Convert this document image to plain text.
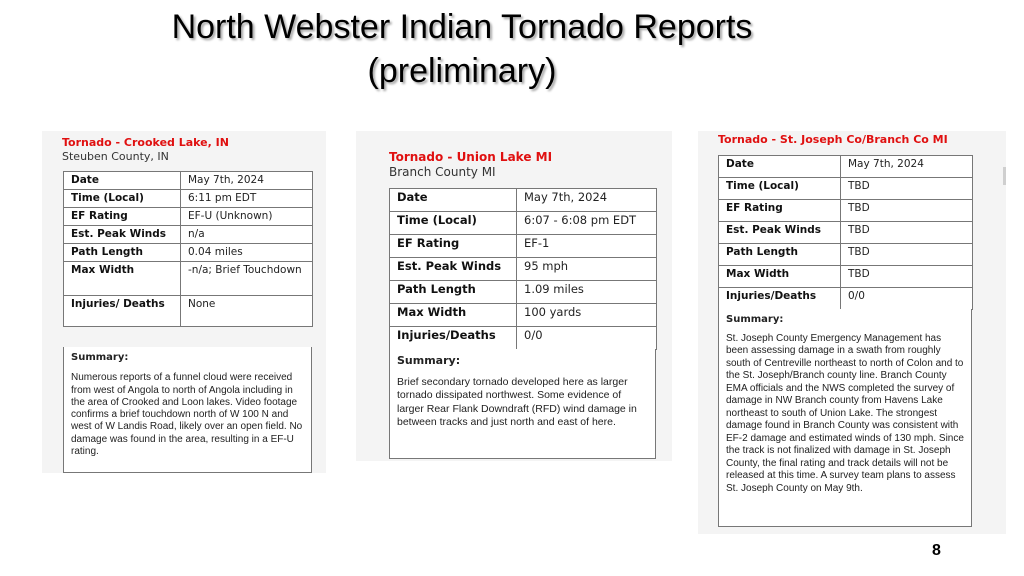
North Webster Indian Tornado Reports
(preliminary)
Tornado - Crooked Lake, IN
Steuben County, IN
Date	May 7th, 2024
Time (Local)	6:11 pm EDT
EF Rating	EF-U (Unknown)
Est. Peak Winds	n/a
Path Length	0.04 miles
Max Width	-n/a; Brief Touchdown
Injuries/ Deaths	None
Summary:
Numerous reports of a funnel cloud were received from west of Angola to north of Angola including in the area of Crooked and Loon lakes. Video footage confirms a brief touchdown north of W 100 N and west of W Landis Road, likely over an open field. No damage was found in the area, resulting in a EF-U rating.
Tornado - Union Lake MI
Branch County MI
Date	May 7th, 2024
Time (Local)	6:07 - 6:08 pm EDT
EF Rating	EF-1
Est. Peak Winds	95 mph
Path Length	1.09 miles
Max Width	100 yards
Injuries/Deaths	0/0
Summary:
Brief secondary tornado developed here as larger tornado dissipated northwest. Some evidence of larger Rear Flank Downdraft (RFD) wind damage in between tracks and just north and east of here.
Tornado - St. Joseph Co/Branch Co MI
Date	May 7th, 2024
Time (Local)	TBD
EF Rating	TBD
Est. Peak Winds	TBD
Path Length	TBD
Max Width	TBD
Injuries/Deaths	0/0
Summary:
St. Joseph County Emergency Management has been assessing damage in a swath from roughly south of Centreville northeast to north of Colon and to the St. Joseph/Branch county line. Branch County EMA officials and the NWS completed the survey of damage in NW Branch county from Havens Lake northeast to south of Union Lake. The strongest damage found in Branch County was consistent with EF-2 damage and estimated winds of 130 mph. Since the track is not finalized with damage in St. Joseph County, the final rating and track details will not be released at this time. A survey team plans to assess St. Joseph County on May 9th.
8
